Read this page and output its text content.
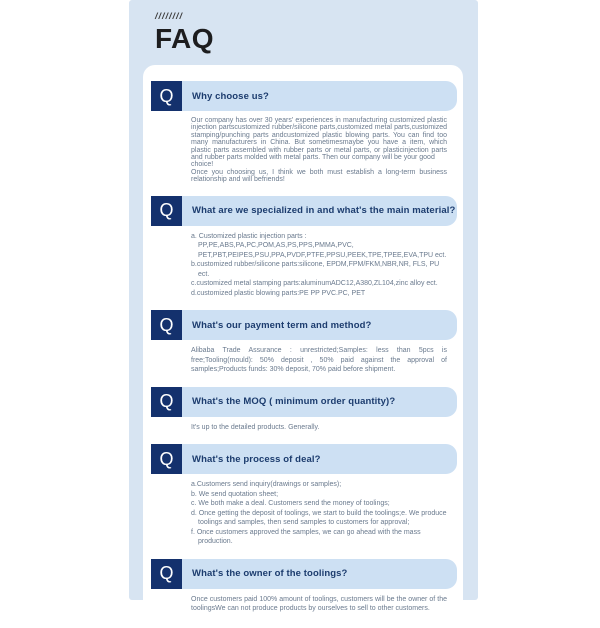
////////
FAQ
Q Why choose us?
Our company has over 30 years' experiences in manufacturing customized plastic injection partscustomized rubber/silicone parts,customized metal parts,customized stamping/punching parts andcustomized plastic blowing parts. You can find too many manufacturers in China. But sometimesmaybe you have a item, which plastic parts assembled with rubber parts or metal parts, or plasticinjection parts and rubber parts molded with metal parts. Then our company will be your good
choice!
Once you choosing us, I think we both must establish a long-term business relationship and will befriends!
Q What are we specialized in and what's the main material?
a. Customized plastic injection parts : PP,PE,ABS,PA,PC,POM,AS,PS,PPS,PMMA,PVC, PET,PBT,PEIPES,PSU,PPA,PVDF,PTFE,PPSU,PEEK,TPE,TPEE,EVA,TPU ect.
b.customized rubber/silicone parts:silicone, EPDM,FPM/FKM,NBR,NR, FLS, PU ect.
c.customized metal stamping parts:aluminumADC12,A380,ZL104,zinc alloy ect.
d.customized plastic blowing parts:PE PP PVC.PC, PET
Q What's our payment term and method?
Alibaba Trade Assurance : unrestricted;Samples: less than 5pcs is free;Tooling(mould): 50% deposit , 50% paid against the approval of samples;Products funds: 30% deposit, 70% paid before shipment.
Q What's the MOQ ( minimum order quantity)?
It's up to the detailed products. Generally.
Q What's the process of deal?
a.Customers send inquiry(drawings or samples);
b. We send quotation sheet;
c. We both make a deal. Customers send the money of toolings;
d. Once getting the deposit of toolings, we start to build the toolings;e. We produce toolings and samples, then send samples to customers for approval;
f. Once customers approved the samples, we can go ahead with the mass production.
Q What's the owner of the toolings?
Once customers paid 100% amount of toolings, customers will be the owner of the toolingsWe can not produce products by ourselves to sell to other customers.
